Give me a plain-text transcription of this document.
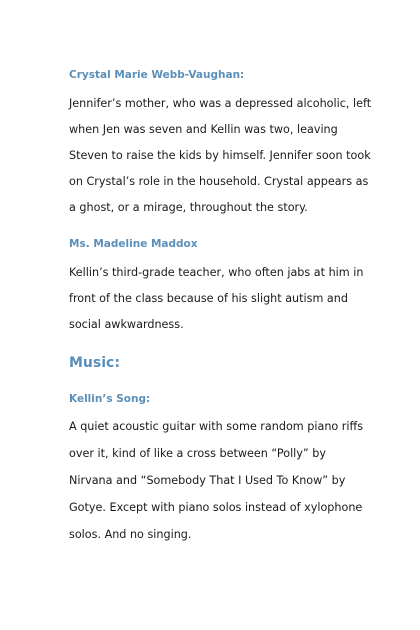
Crystal Marie Webb-Vaughan:
Jennifer’s mother, who was a depressed alcoholic, left
when Jen was seven and Kellin was two, leaving
Steven to raise the kids by himself. Jennifer soon took
on Crystal’s role in the household. Crystal appears as
a ghost, or a mirage, throughout the story.
Ms. Madeline Maddox
Kellin’s third-grade teacher, who often jabs at him in
front of the class because of his slight autism and
social awkwardness.
Music:
Kellin’s Song:
A quiet acoustic guitar with some random piano riffs
over it, kind of like a cross between “Polly” by
Nirvana and “Somebody That I Used To Know” by
Gotye. Except with piano solos instead of xylophone
solos. And no singing.
